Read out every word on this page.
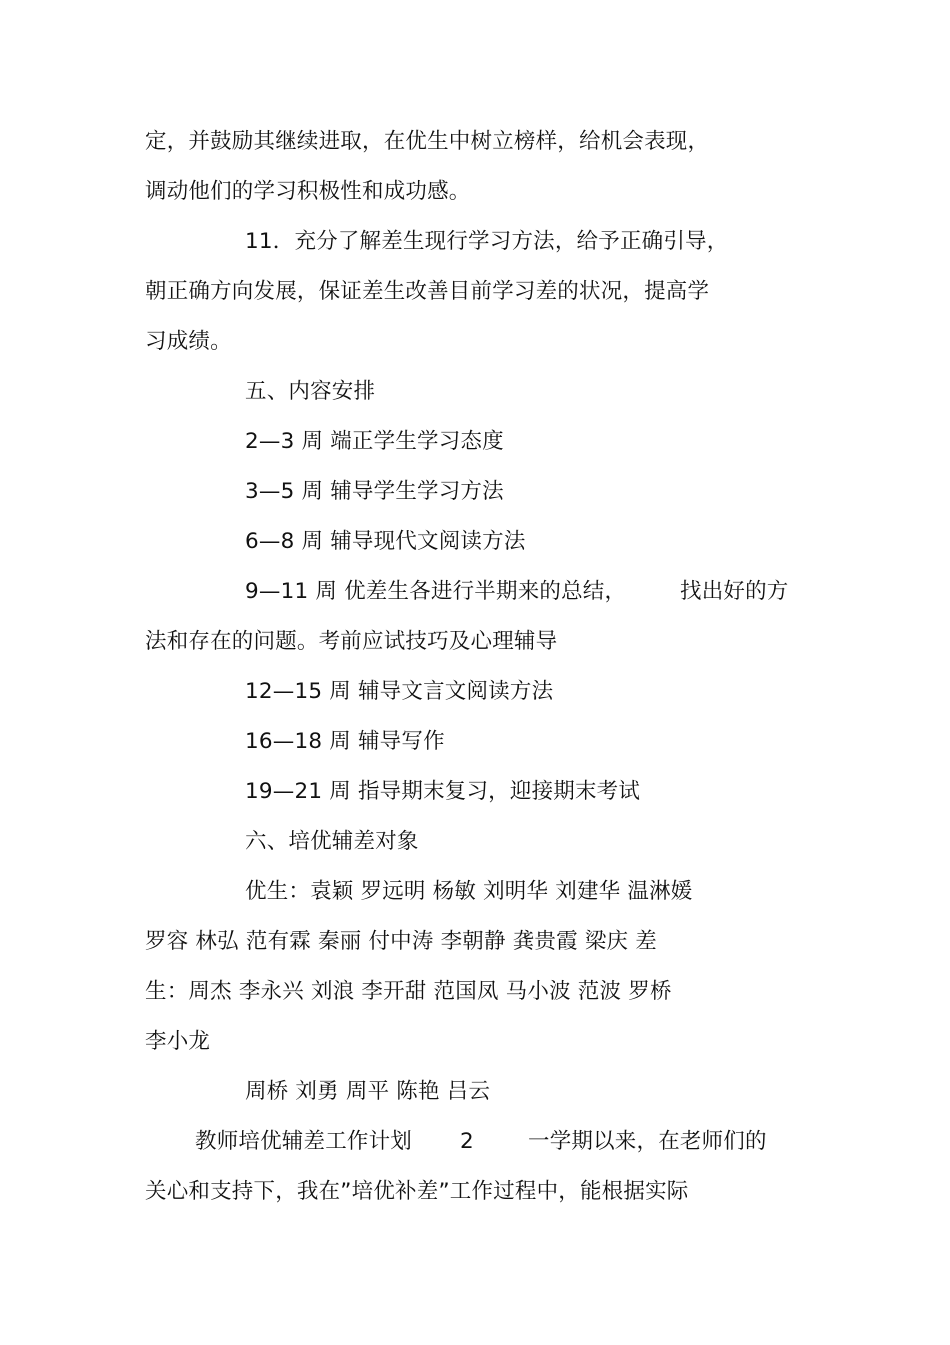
定，并鼓励其继续进取，在优生中树立榜样，给机会表现，
调动他们的学习积极性和成功感。
11．充分了解差生现行学习方法，给予正确引导，
朝正确方向发展，保证差生改善目前学习差的状况，提高学
习成绩。
五、内容安排
2—3 周 端正学生学习态度
3—5 周 辅导学生学习方法
6—8 周 辅导现代文阅读方法
9—11 周 优差生各进行半期来的总结，	找出好的方
法和存在的问题。考前应试技巧及心理辅导
12—15 周 辅导文言文阅读方法
16—18 周 辅导写作
19—21 周 指导期末复习，迎接期末考试
六、培优辅差对象
优生：袁颖 罗远明 杨敏 刘明华 刘建华 温淋媛
罗容 林弘 范有霖 秦丽 付中涛 李朝静 龚贵霞 梁庆 差
生：周杰 李永兴 刘浪 李开甜 范国凤 马小波 范波 罗桥
李小龙
周桥 刘勇 周平 陈艳 吕云
教师培优辅差工作计划 2	一学期以来，在老师们的
关心和支持下，我在”培优补差”工作过程中，能根据实际
